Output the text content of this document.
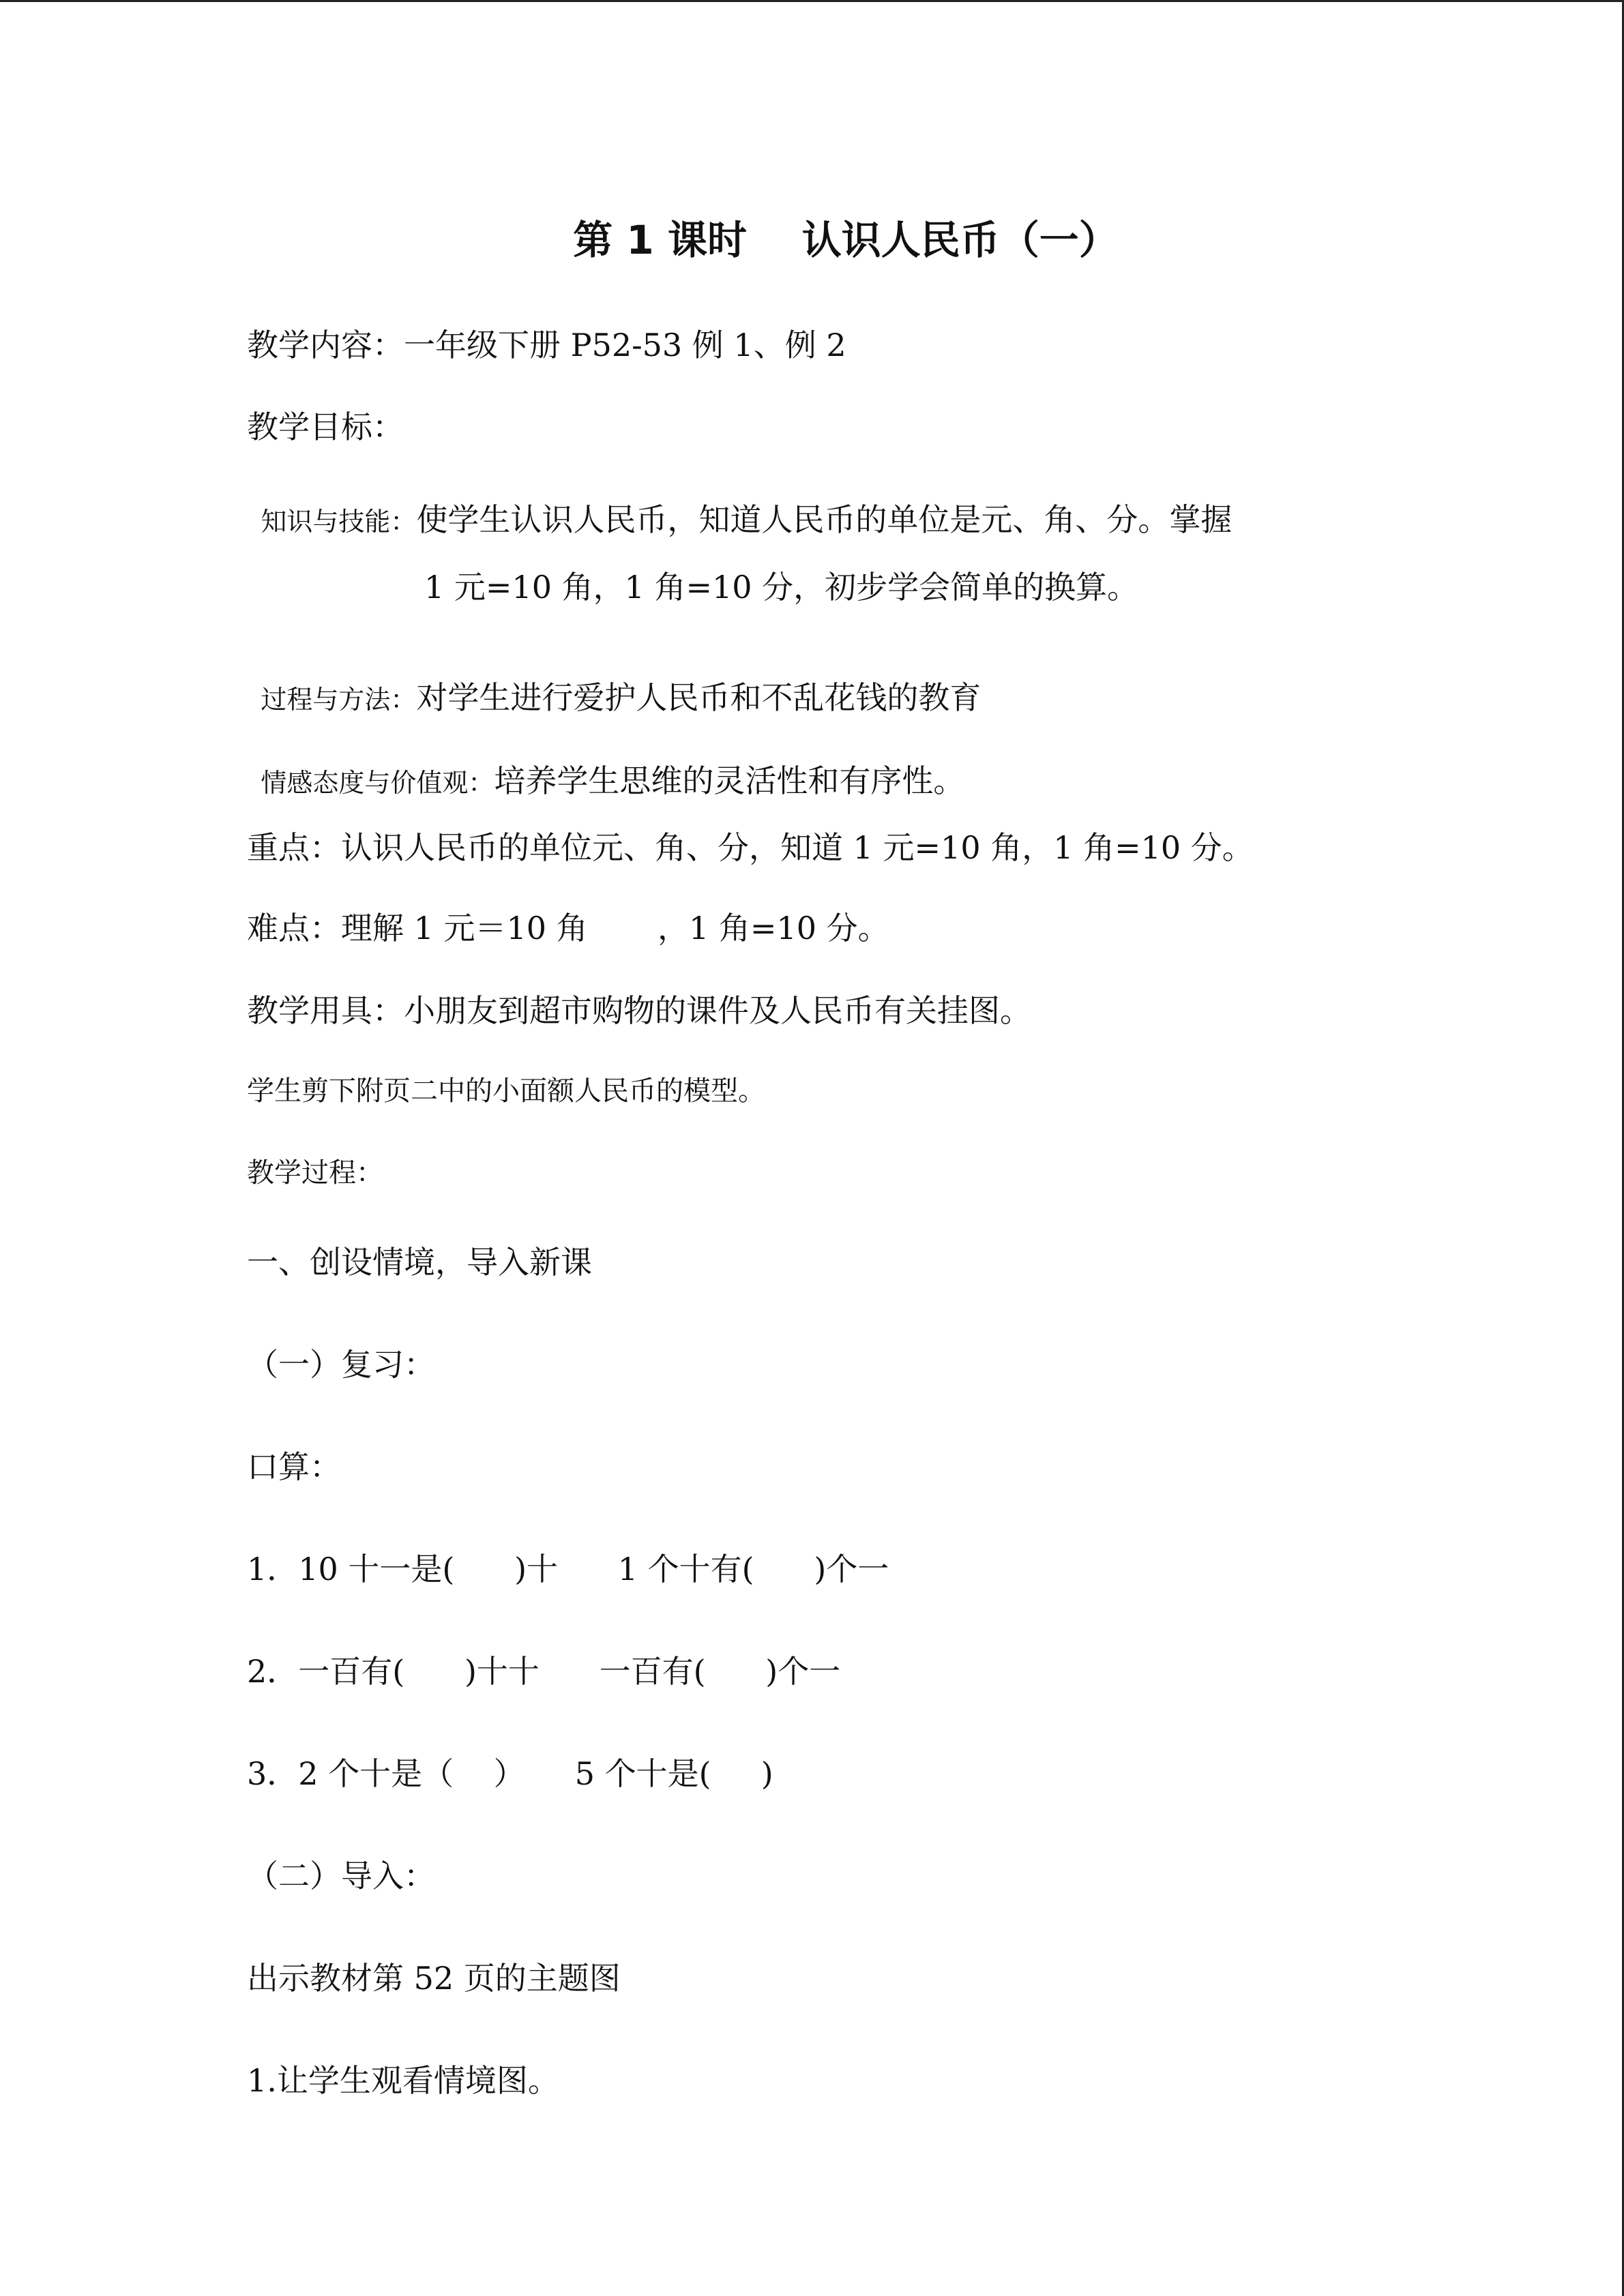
第 1 课时    认识人民币（一）
教学内容：一年级下册 P52-53 例 1、例 2
教学目标：

知识与技能：使学生认识人民币，知道人民币的单位是元、角、分。掌握

1 元=10 角，1 角=10 分，初步学会简单的换算。

过程与方法：对学生进行爱护人民币和不乱花钱的教育

情感态度与价值观：培养学生思维的灵活性和有序性。

重点：认识人民币的单位元、角、分，知道 1 元=10 角，1 角=10 分。
难点：理解 1 元＝10 角       ，1 角=10 分。
教学用具：小朋友到超市购物的课件及人民币有关挂图。
学生剪下附页二中的小面额人民币的模型。
教学过程：
一、创设情境，导入新课
（一）复习：
口算：
1．10 十一是(      )十      1 个十有(      )个一
2．一百有(      )十十      一百有(      )个一
3．2 个十是（    ）     5 个十是(     )
（二）导入：
出示教材第 52 页的主题图
1.让学生观看情境图。
